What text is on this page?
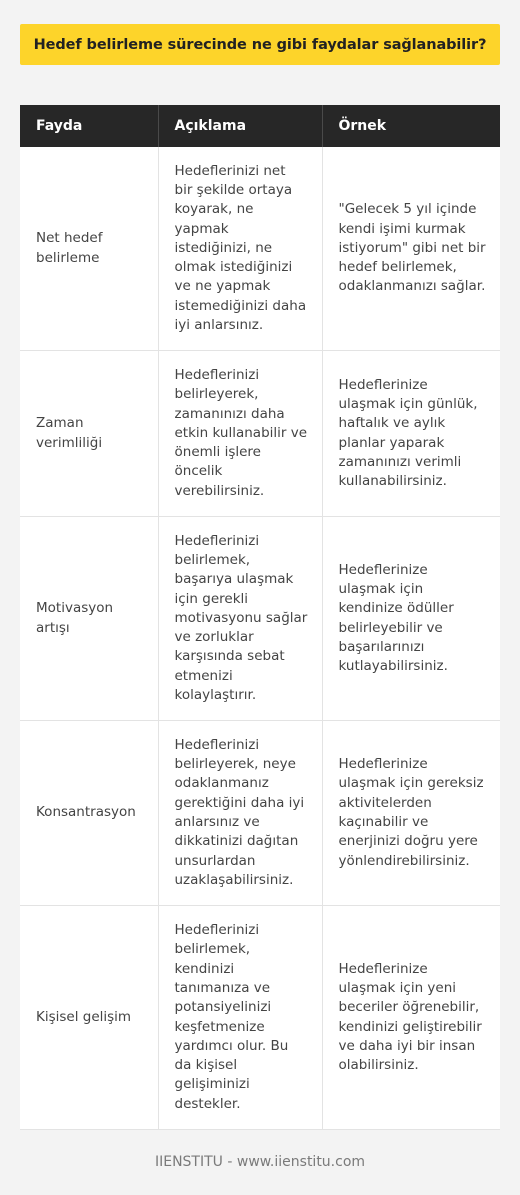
Hedef belirleme sürecinde ne gibi faydalar sağlanabilir?
Fayda	Açıklama	Örnek
Net hedef belirleme	Hedeflerinizi net bir şekilde ortaya koyarak, ne yapmak istediğinizi, ne olmak istediğinizi ve ne yapmak istemediğinizi daha iyi anlarsınız.	"Gelecek 5 yıl içinde kendi işimi kurmak istiyorum" gibi net bir hedef belirlemek, odaklanmanızı sağlar.
Zaman verimliliği	Hedeflerinizi belirleyerek, zamanınızı daha etkin kullanabilir ve önemli işlere öncelik verebilirsiniz.	Hedeflerinize ulaşmak için günlük, haftalık ve aylık planlar yaparak zamanınızı verimli kullanabilirsiniz.
Motivasyon artışı	Hedeflerinizi belirlemek, başarıya ulaşmak için gerekli motivasyonu sağlar ve zorluklar karşısında sebat etmenizi kolaylaştırır.	Hedeflerinize ulaşmak için kendinize ödüller belirleyebilir ve başarılarınızı kutlayabilirsiniz.
Konsantrasyon	Hedeflerinizi belirleyerek, neye odaklanmanız gerektiğini daha iyi anlarsınız ve dikkatinizi dağıtan unsurlardan uzaklaşabilirsiniz.	Hedeflerinize ulaşmak için gereksiz aktivitelerden kaçınabilir ve enerjinizi doğru yere yönlendirebilirsiniz.
Kişisel gelişim	Hedeflerinizi belirlemek, kendinizi tanımanıza ve potansiyelinizi keşfetmenize yardımcı olur. Bu da kişisel gelişiminizi destekler.	Hedeflerinize ulaşmak için yeni beceriler öğrenebilir, kendinizi geliştirebilir ve daha iyi bir insan olabilirsiniz.
IIENSTITU - www.iienstitu.com
